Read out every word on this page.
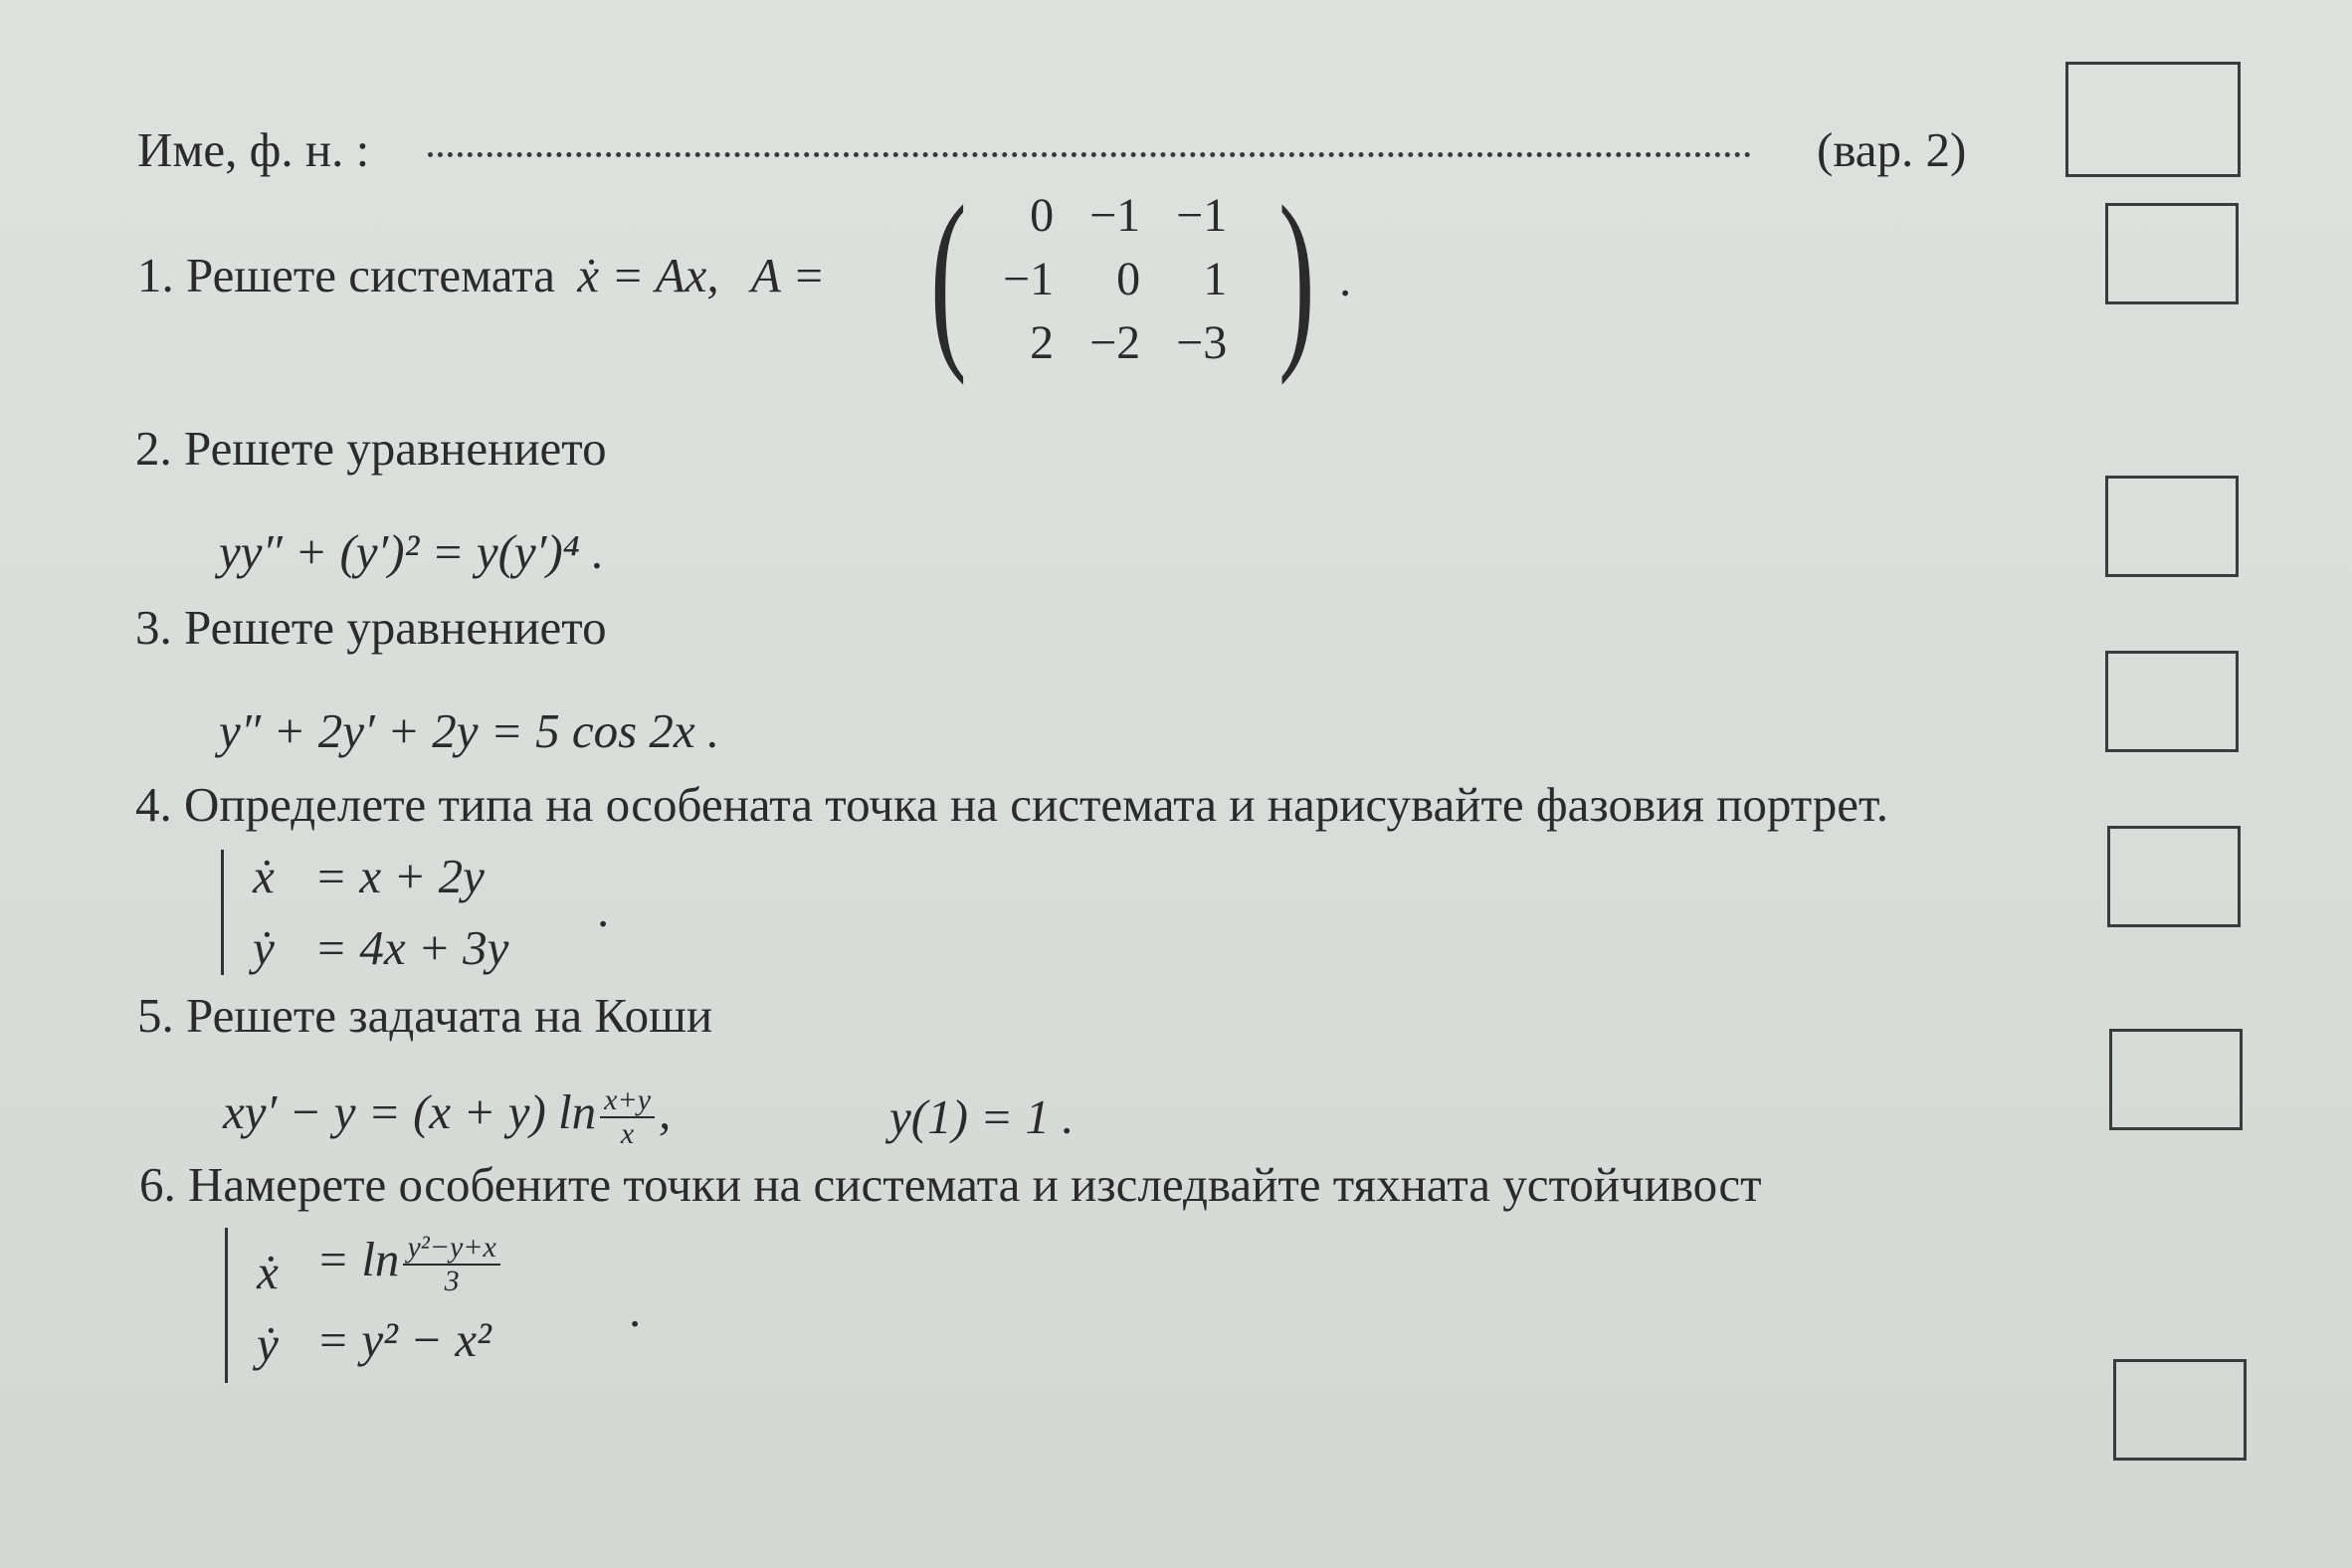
Име, ф. н. :	(вар. 2)
1. Решете системата ẋ = Ax, A = ( 0	−1	−1
−1	0	1
2	−2	−3 ) .
2. Решете уравнението
yy″ + (y′)² = y(y′)⁴ .
3. Решете уравнението
y″ + 2y′ + 2y = 5 cos 2x .
4. Определете типа на особената точка на системата и нарисувайте фазовия портрет.
ẋ = x + 2y
ẏ = 4x + 3y
.
5. Решете задачата на Коши
xy′ − y = (x + y) $\ln \frac{x+y}{x}$ ,	y(1) = 1 .
6. Намерете особените точки на системата и изследвайте тяхната устойчивост
ẋ = $\ln \frac{\text{y²−y+x}}{3}$
ẏ = y² − x²
.
